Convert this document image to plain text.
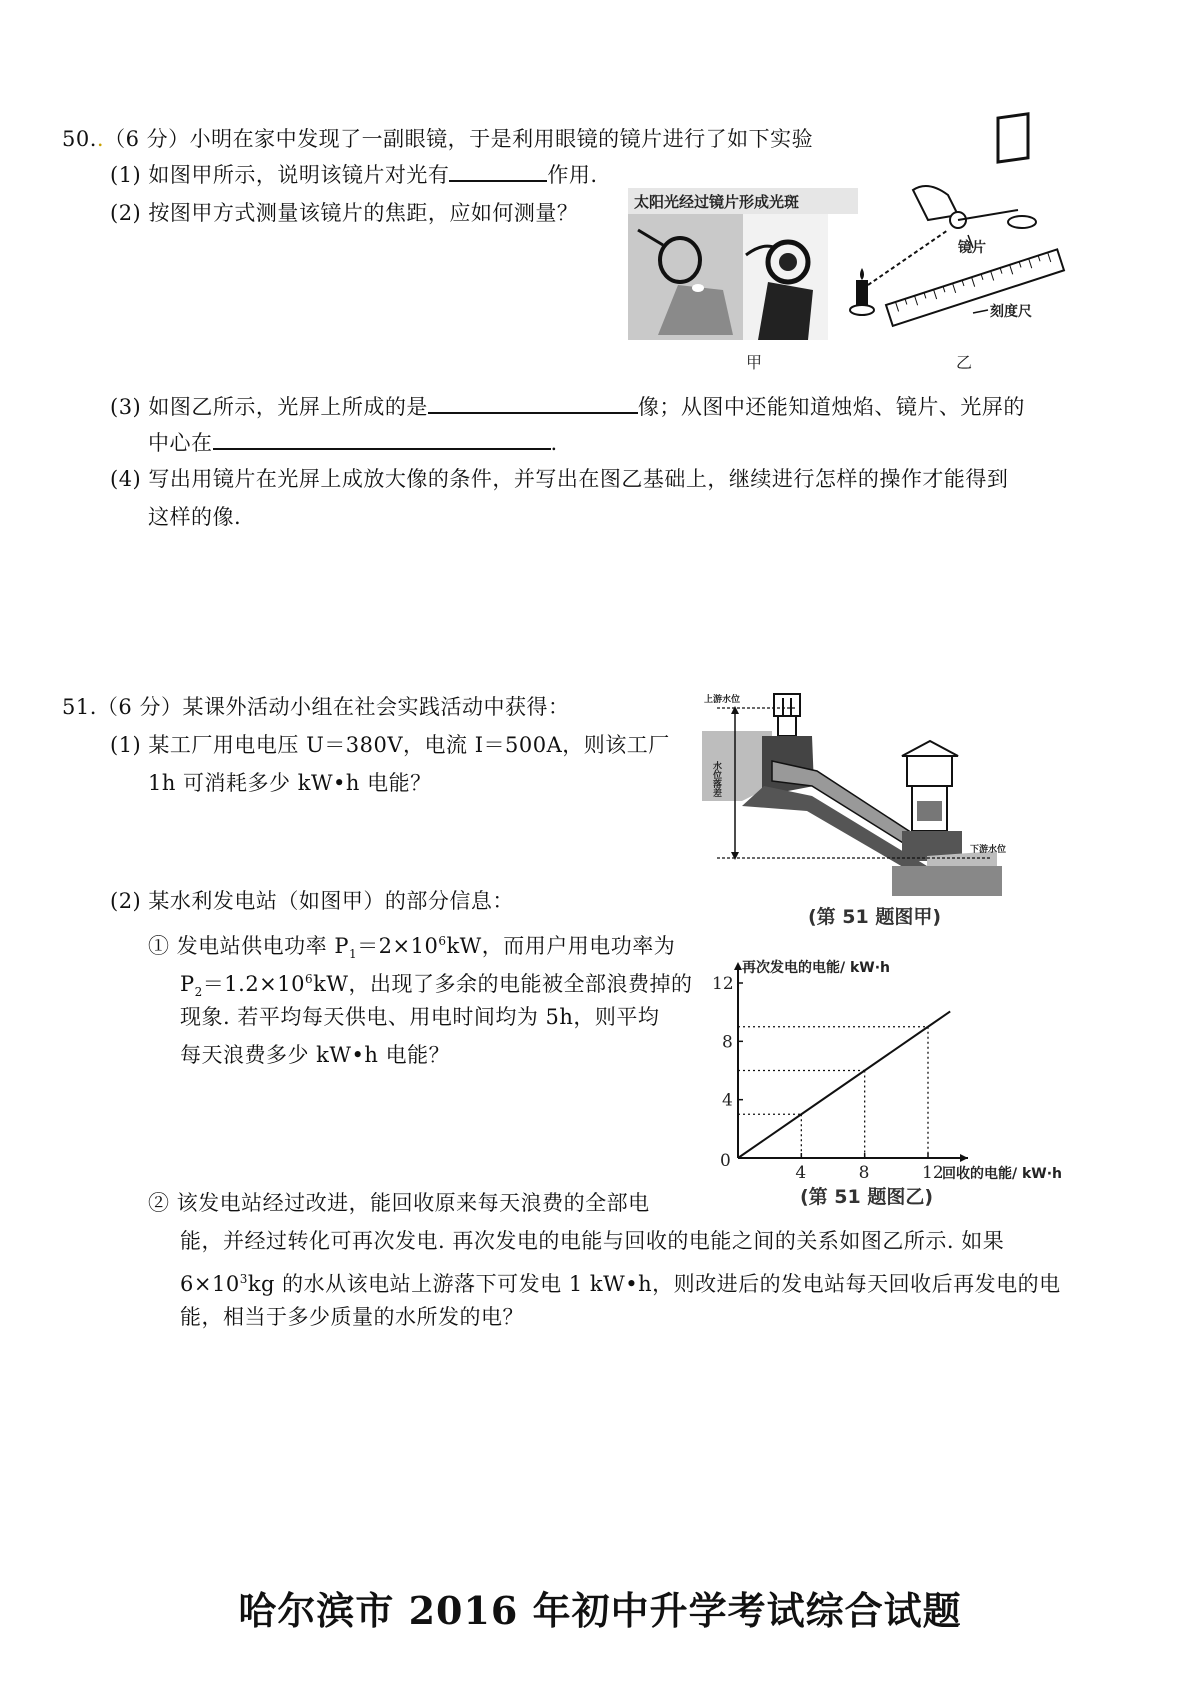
50..（6 分）小明在家中发现了一副眼镜，于是利用眼镜的镜片进行了如下实验
(1) 如图甲所示，说明该镜片对光有	作用.
(2) 按图甲方式测量该镜片的焦距，应如何测量？	太阳光经过镜片形成光斑
甲
镜片
刻度尺
乙
(3) 如图乙所示，光屏上所成的是	像；从图中还能知道烛焰、镜片、光屏的
中心在	.
(4) 写出用镜片在光屏上成放大像的条件，并写出在图乙基础上，继续进行怎样的操作才能得到
这样的像.
51.（6 分）某课外活动小组在社会实践活动中获得：
(1) 某工厂用电电压 U＝380V，电流 I＝500A，则该工厂
1h 可消耗多少 kW•h 电能？
(2) 某水利发电站（如图甲）的部分信息：
① 发电站供电功率 $P_1=2\times 10^6kW$，而用户用电功率为
$P_2=1.2\times 10^6kW$，出现了多余的电能被全部浪费掉的
现象. 若平均每天供电、用电时间均为 5h，则平均
每天浪费多少 kW•h 电能？
② 该发电站经过改进，能回收原来每天浪费的全部电
能，并经过转化可再次发电. 再次发电的电能与回收的电能之间的关系如图乙所示. 如果
$6\times 10^3kg$ 的水从该电站上游落下可发电 1 kW•h，则改进后的发电站每天回收后再发电的电
能，相当于多少质量的水所发的电？
上游水位
水位落差
下游水位
(第 51 题图甲)
再次发电的电能/ kW·h
回收的电能/ kW·h
0
4	8	12
4
8
12
(第 51 题图乙)
哈尔滨市 2016 年初中升学考试综合试题
